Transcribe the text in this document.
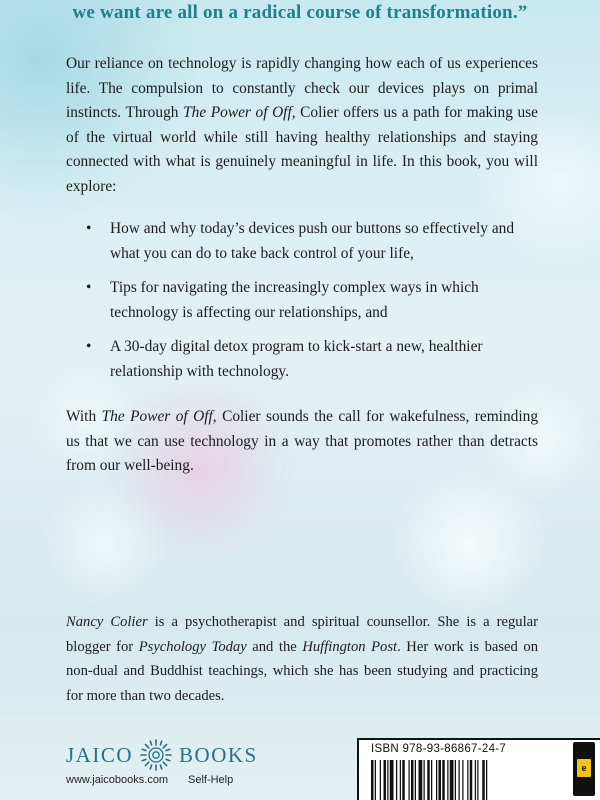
we want are all on a radical course of transformation.”

Our reliance on technology is rapidly changing how each of us experiences life. The compulsion to constantly check our devices plays on primal instincts. Through The Power of Off, Colier offers us a path for making use of the virtual world while still having healthy relationships and staying connected with what is genuinely meaningful in life. In this book, you will explore:

• How and why today’s devices push our buttons so effectively and what you can do to take back control of your life,
• Tips for navigating the increasingly complex ways in which technology is affecting our relationships, and
• A 30-day digital detox program to kick-start a new, healthier relationship with technology.

With The Power of Off, Colier sounds the call for wakefulness, reminding us that we can use technology in a way that promotes rather than detracts from our well-being.

Nancy Colier is a psychotherapist and spiritual counsellor. She is a regular blogger for Psychology Today and the Huffington Post. Her work is based on non-dual and Buddhist teachings, which she has been studying and practicing for more than two decades.

JAICO BOOKS
www.jaicobooks.com Self-Help
ISBN 978-93-86867-24-7
e
